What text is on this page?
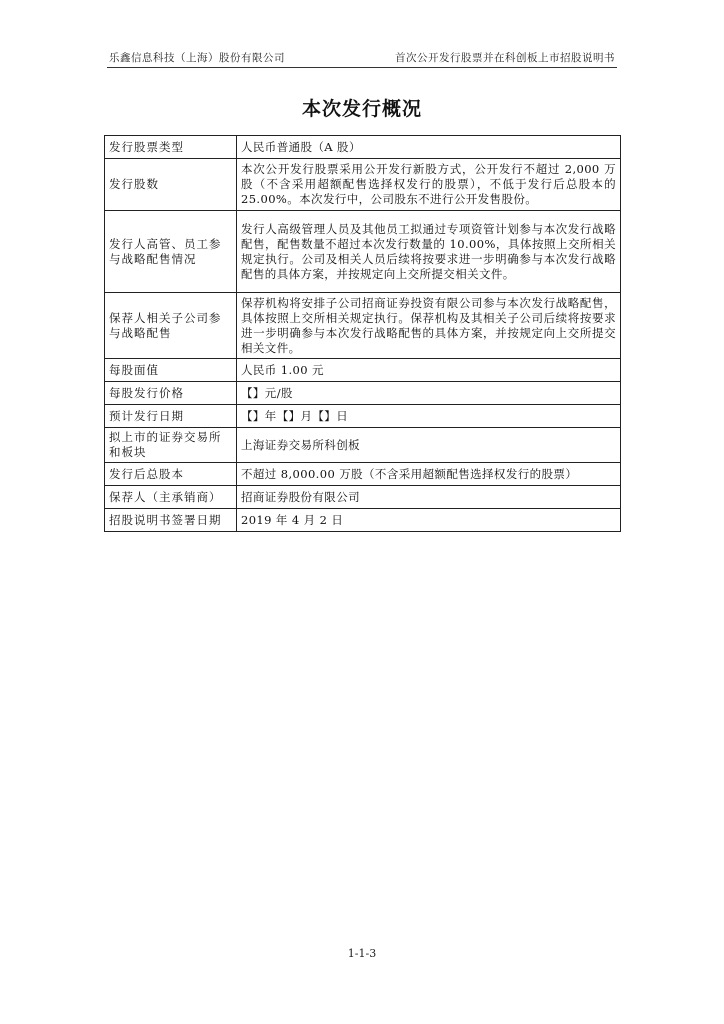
乐鑫信息科技（上海）股份有限公司	首次公开发行股票并在科创板上市招股说明书
本次发行概况
发行股票类型	人民币普通股（A 股）
发行股数	本次公开发行股票采用公开发行新股方式，公开发行不超过 2,000 万股（不含采用超额配售选择权发行的股票），不低于发行后总股本的 25.00%。本次发行中，公司股东不进行公开发售股份。
发行人高管、员工参与战略配售情况	发行人高级管理人员及其他员工拟通过专项资管计划参与本次发行战略配售，配售数量不超过本次发行数量的 10.00%，具体按照上交所相关规定执行。公司及相关人员后续将按要求进一步明确参与本次发行战略配售的具体方案，并按规定向上交所提交相关文件。
保荐人相关子公司参与战略配售	保荐机构将安排子公司招商证券投资有限公司参与本次发行战略配售，具体按照上交所相关规定执行。保荐机构及其相关子公司后续将按要求进一步明确参与本次发行战略配售的具体方案，并按规定向上交所提交相关文件。
每股面值	人民币 1.00 元
每股发行价格	【】元/股
预计发行日期	【】年【】月【】日
拟上市的证券交易所和板块	上海证券交易所科创板
发行后总股本	不超过 8,000.00 万股（不含采用超额配售选择权发行的股票）
保荐人（主承销商）	招商证券股份有限公司
招股说明书签署日期	2019 年 4 月 2 日
1-1-3
